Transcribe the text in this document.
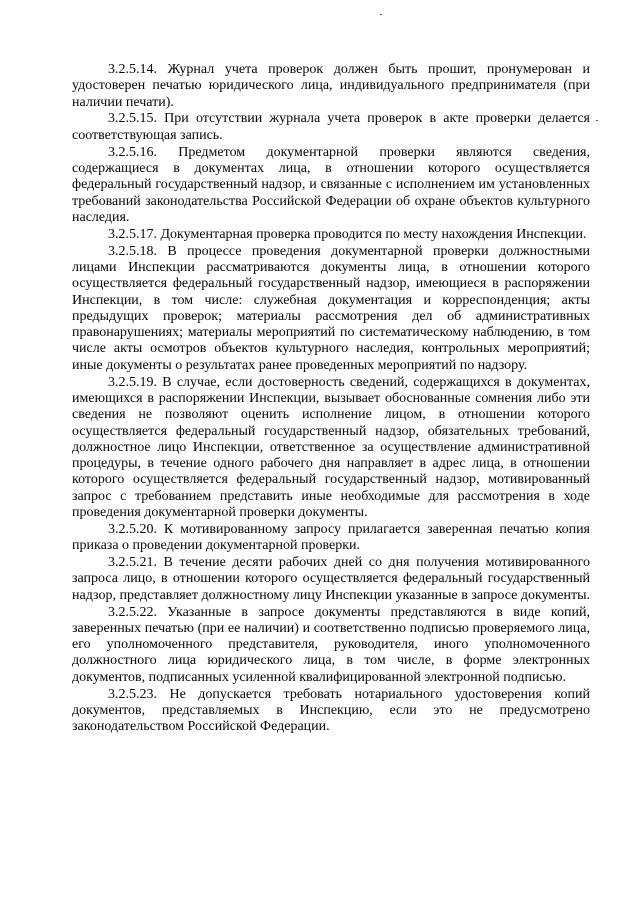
3.2.5.14. Журнал учета проверок должен быть прошит, пронумерован и удостоверен печатью юридического лица, индивидуального предпринимателя (при наличии печати).

3.2.5.15. При отсутствии журнала учета проверок в акте проверки делается соответствующая запись.

3.2.5.16. Предметом документарной проверки являются сведения, содержащиеся в документах лица, в отношении которого осуществляется федеральный государственный надзор, и связанные с исполнением им установленных требований законодательства Российской Федерации об охране объектов культурного наследия.

3.2.5.17. Документарная проверка проводится по месту нахождения Инспекции.

3.2.5.18. В процессе проведения документарной проверки должностными лицами Инспекции рассматриваются документы лица, в отношении которого осуществляется федеральный государственный надзор, имеющиеся в распоряжении Инспекции, в том числе: служебная документация и корреспонденция; акты предыдущих проверок; материалы рассмотрения дел об административных правонарушениях; материалы мероприятий по систематическому наблюдению, в том числе акты осмотров объектов культурного наследия, контрольных мероприятий; иные документы о результатах ранее проведенных мероприятий по надзору.

3.2.5.19. В случае, если достоверность сведений, содержащихся в документах, имеющихся в распоряжении Инспекции, вызывает обоснованные сомнения либо эти сведения не позволяют оценить исполнение лицом, в отношении которого осуществляется федеральный государственный надзор, обязательных требований, должностное лицо Инспекции, ответственное за осуществление административной процедуры, в течение одного рабочего дня направляет в адрес лица, в отношении которого осуществляется федеральный государственный надзор, мотивированный запрос с требованием представить иные необходимые для рассмотрения в ходе проведения документарной проверки документы.

3.2.5.20. К мотивированному запросу прилагается заверенная печатью копия приказа о проведении документарной проверки.

3.2.5.21. В течение десяти рабочих дней со дня получения мотивированного запроса лицо, в отношении которого осуществляется федеральный государственный надзор, представляет должностному лицу Инспекции указанные в запросе документы.

3.2.5.22. Указанные в запросе документы представляются в виде копий, заверенных печатью (при ее наличии) и соответственно подписью проверяемого лица, его уполномоченного представителя, руководителя, иного уполномоченного должностного лица юридического лица, в том числе, в форме электронных документов, подписанных усиленной квалифицированной электронной подписью.

3.2.5.23. Не допускается требовать нотариального удостоверения копий документов, представляемых в Инспекцию, если это не предусмотрено законодательством Российской Федерации.
